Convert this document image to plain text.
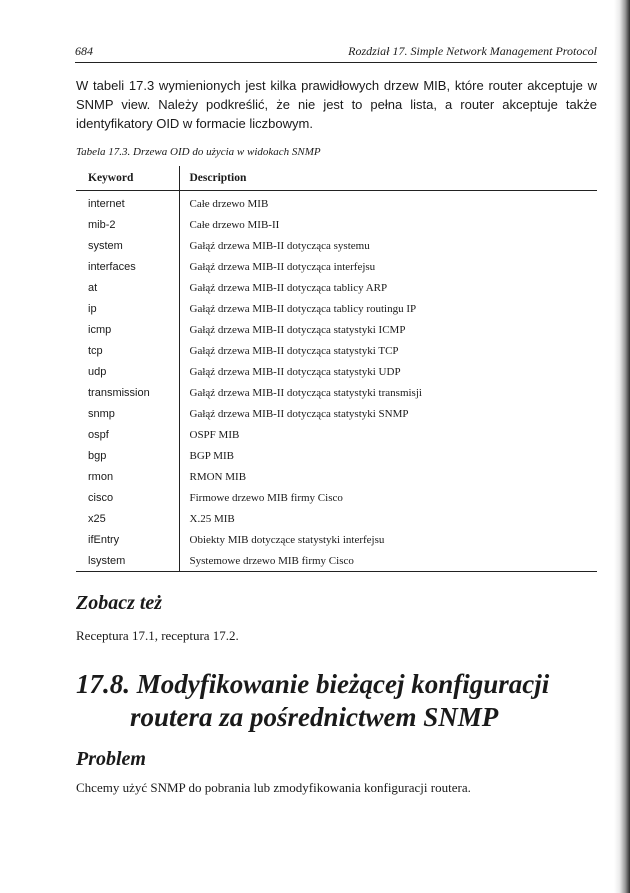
684	Rozdział 17. Simple Network Management Protocol

W tabeli 17.3 wymienionych jest kilka prawidłowych drzew MIB, które router akceptuje w SNMP view. Należy podkreślić, że nie jest to pełna lista, a router akceptuje także identyfikatory OID w formacie liczbowym.

Tabela 17.3. Drzewa OID do użycia w widokach SNMP
Keyword	Description
internet	Całe drzewo MIB
mib-2	Całe drzewo MIB-II
system	Gałąź drzewa MIB-II dotycząca systemu
interfaces	Gałąź drzewa MIB-II dotycząca interfejsu
at	Gałąź drzewa MIB-II dotycząca tablicy ARP
ip	Gałąź drzewa MIB-II dotycząca tablicy routingu IP
icmp	Gałąź drzewa MIB-II dotycząca statystyki ICMP
tcp	Gałąź drzewa MIB-II dotycząca statystyki TCP
udp	Gałąź drzewa MIB-II dotycząca statystyki UDP
transmission	Gałąź drzewa MIB-II dotycząca statystyki transmisji
snmp	Gałąź drzewa MIB-II dotycząca statystyki SNMP
ospf	OSPF MIB
bgp	BGP MIB
rmon	RMON MIB
cisco	Firmowe drzewo MIB firmy Cisco
x25	X.25 MIB
ifEntry	Obiekty MIB dotyczące statystyki interfejsu
lsystem	Systemowe drzewo MIB firmy Cisco
Zobacz też

Receptura 17.1, receptura 17.2.

17.8. Modyfikowanie bieżącej konfiguracji
routera za pośrednictwem SNMP
Problem

Chcemy użyć SNMP do pobrania lub zmodyfikowania konfiguracji routera.
